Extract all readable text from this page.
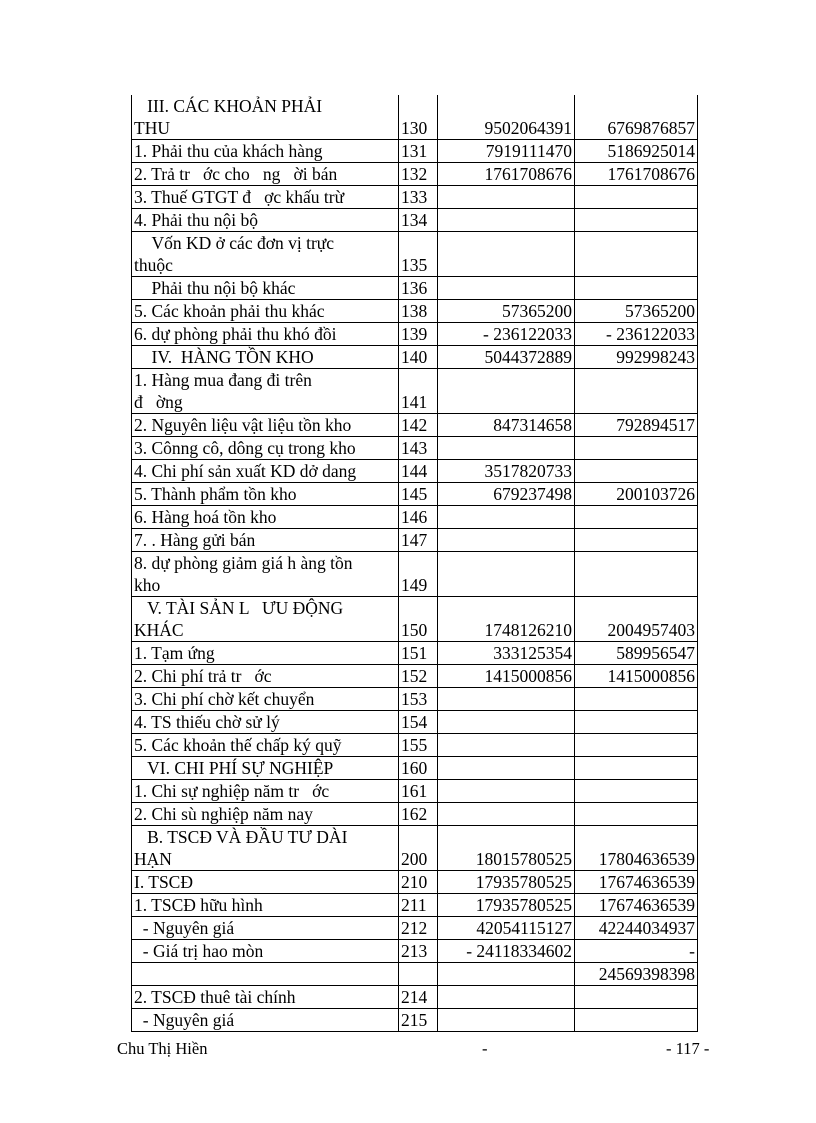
III. CÁC KHOẢN PHẢI
THU	130	9502064391	6769876857

1. Phải thu của khách hàng	131	7919111470	5186925014

2. Trả tr   ớc cho   ng   ời bán	132	1761708676	1761708676

3. Thuế GTGT đ   ợc khấu trừ	133	

4. Phải thu nội bộ	134	

Vốn KD ở các đơn vị trực
thuộc	135	

Phải thu nội bộ khác	136	

5. Các khoản phải thu khác	138	57365200	57365200

6. dự phòng phải thu khó đồi	139	- 236122033	- 236122033

IV.  HÀNG TỒN KHO	140	5044372889	992998243

1. Hàng mua đang đi trên
đ   ờng	141	

2. Nguyên liệu vật liệu tồn kho	142	847314658	792894517

3. Cônng cô, dông cụ trong kho	143	

4. Chi phí sản xuất KD dở dang	144	3517820733	

5. Thành phẩm tồn kho	145	679237498	200103726

6. Hàng hoá tồn kho	146	

7. . Hàng gửi bán	147	

8. dự phòng giảm giá h àng tồn
kho	149	

V. TÀI SẢN L   ƯU ĐỘNG
KHÁC	150	1748126210	2004957403

1. Tạm ứng	151	333125354	589956547

2. Chi phí trả tr   ớc	152	1415000856	1415000856

3. Chi phí chờ kết chuyển	153	

4. TS thiếu chờ sử lý	154	

5. Các khoản thế chấp ký quỹ	155	

VI. CHI PHÍ SỰ NGHIỆP	160	

1. Chi sự nghiệp năm tr   ớc	161	

2. Chi sù nghiệp năm nay	162	

B. TSCĐ VÀ ĐẦU TƯ DÀI
HẠN	200	18015780525	17804636539

I. TSCĐ	210	17935780525	17674636539

1. TSCĐ hữu hình	211	17935780525	17674636539

- Nguyên giá	212	42054115127	42244034937

- Giá trị hao mòn	213	- 24118334602	-

			24569398398

2. TSCĐ thuê tài chính	214	

- Nguyên giá	215	

Chu Thị Hiền	-	- 117 -
